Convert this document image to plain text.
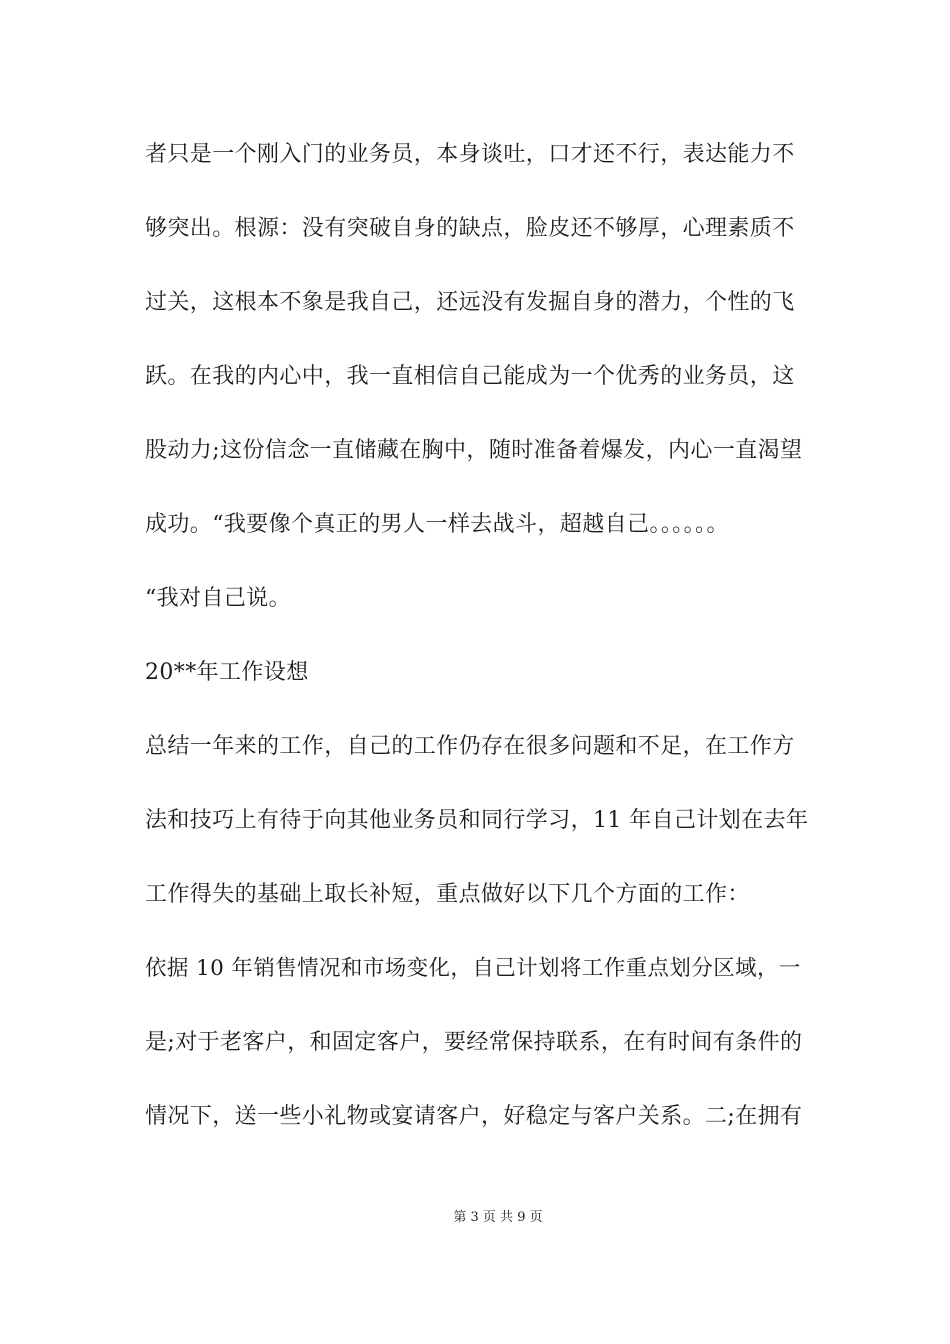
者只是一个刚入门的业务员，本身谈吐，口才还不行，表达能力不
够突出。根源：没有突破自身的缺点，脸皮还不够厚，心理素质不
过关，这根本不象是我自己，还远没有发掘自身的潜力，个性的飞
跃。在我的内心中，我一直相信自己能成为一个优秀的业务员，这
股动力;这份信念一直储藏在胸中，随时准备着爆发，内心一直渴望
成功。“我要像个真正的男人一样去战斗，超越自己。。。。。。
“我对自己说。
20**年工作设想
总结一年来的工作，自己的工作仍存在很多问题和不足，在工作方
法和技巧上有待于向其他业务员和同行学习，11 年自己计划在去年
工作得失的基础上取长补短，重点做好以下几个方面的工作：
依据 10 年销售情况和市场变化，自己计划将工作重点划分区域，一
是;对于老客户，和固定客户，要经常保持联系，在有时间有条件的
情况下，送一些小礼物或宴请客户，好稳定与客户关系。二;在拥有
第 3 页 共 9 页
